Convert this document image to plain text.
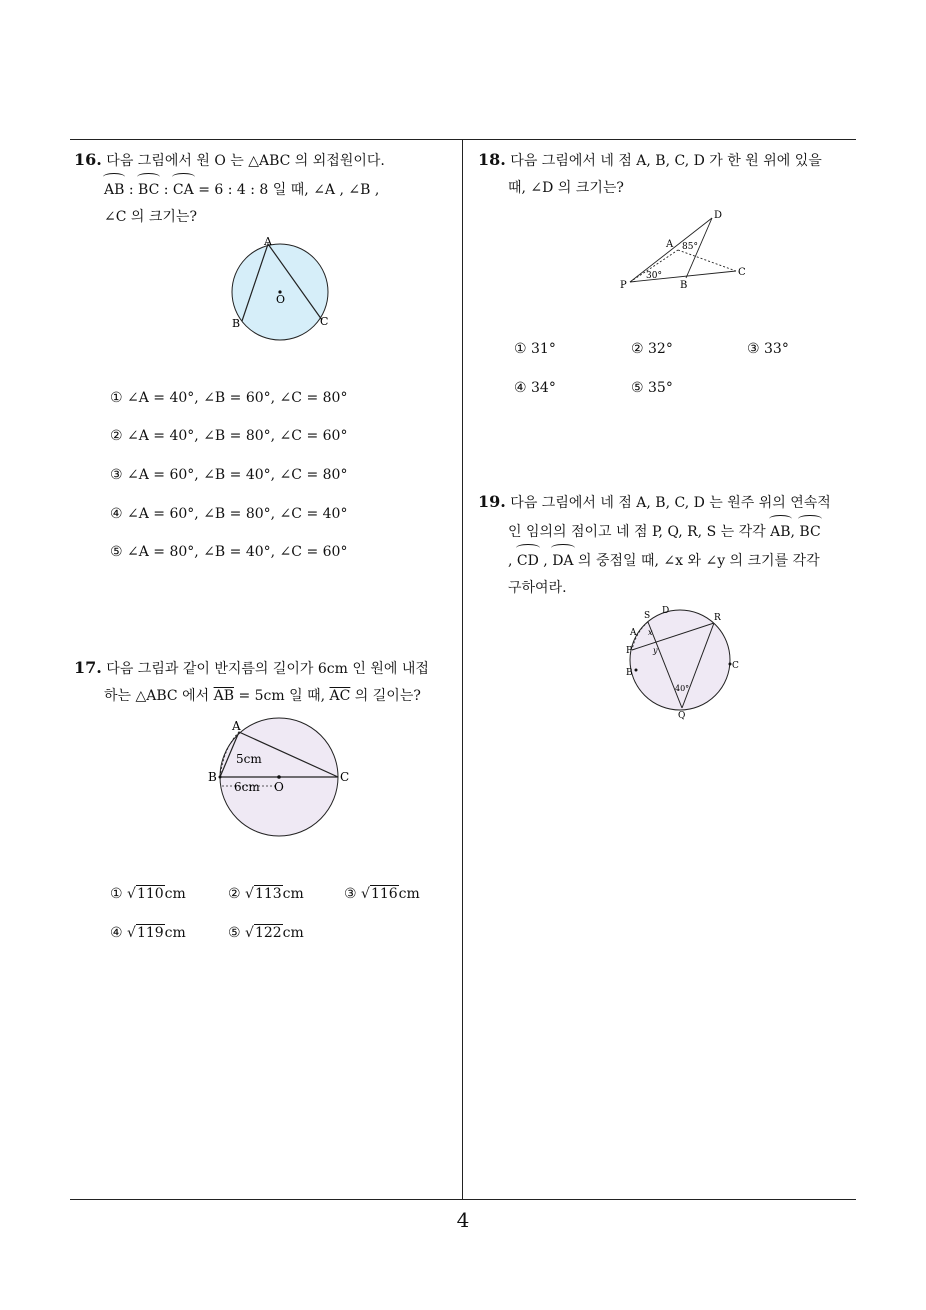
16. 다음 그림에서 원 O 는 △ABC 의 외접원이다.
AB : BC : CA = 6 : 4 : 8 일 때, ∠A , ∠B ,
∠C 의 크기는?
A
B	C
O
① ∠A = 40°, ∠B = 60°, ∠C = 80°
② ∠A = 40°, ∠B = 80°, ∠C = 60°
③ ∠A = 60°, ∠B = 40°, ∠C = 80°
④ ∠A = 60°, ∠B = 80°, ∠C = 40°
⑤ ∠A = 80°, ∠B = 40°, ∠C = 60°
17. 다음 그림과 같이 반지름의 길이가 6cm 인 원에 내접
하는 △ABC 에서 $\overline{AB} = 5cm$ 일 때, $\overline{AC}$ 의 길이는?
A
B	C
O
5cm
6cm
① √110cm	② √113cm	③ √116cm
④ √119cm	⑤ √122cm
18. 다음 그림에서 네 점 A, B, C, D 가 한 원 위에 있을
때, ∠D 의 크기는?
D
A 85°
30°
P	B
C
① 31°	② 32°	③ 33°
④ 34°	⑤ 35°
19. 다음 그림에서 네 점 A, B, C, D 는 원주 위의 연속적
인 임의의 점이고 네 점 P, Q, R, S 는 각각 AB, BC
, CD , DA 의 중점일 때, ∠x 와 ∠y 의 크기를 각각
구하여라.
S D
R
A
P
B
C
Q
x
y
40°
4
